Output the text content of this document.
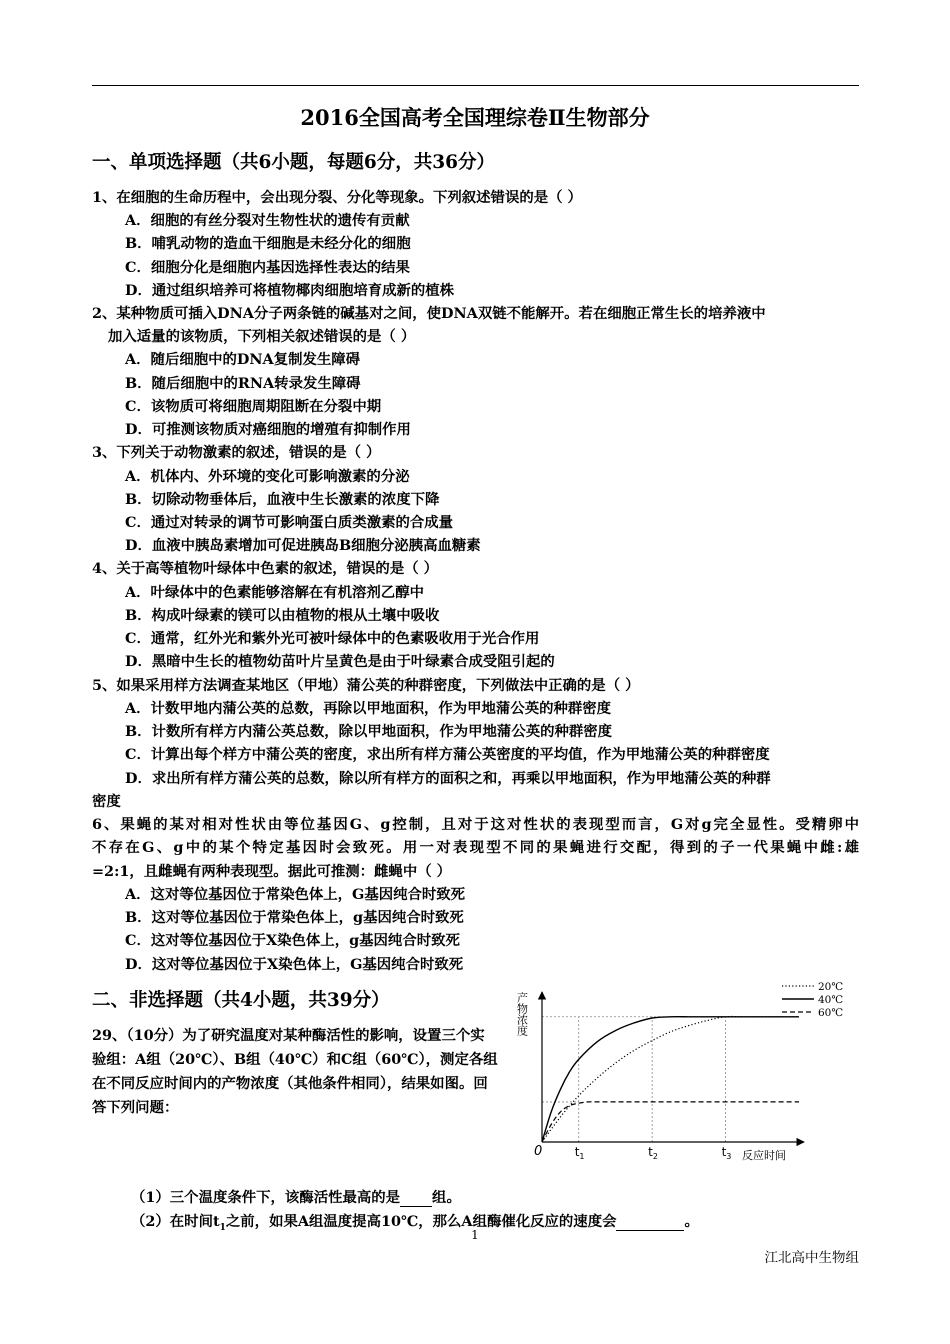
2016全国高考全国理综卷Ⅱ生物部分
一、单项选择题（共6小题，每题6分，共36分）
1、在细胞的生命历程中，会出现分裂、分化等现象。下列叙述错误的是（ ）
A．细胞的有丝分裂对生物性状的遗传有贡献
B．哺乳动物的造血干细胞是未经分化的细胞
C．细胞分化是细胞内基因选择性表达的结果
D．通过组织培养可将植物椰肉细胞培育成新的植株
2、某种物质可插入DNA分子两条链的碱基对之间，使DNA双链不能解开。若在细胞正常生长的培养液中
加入适量的该物质，下列相关叙述错误的是（ ）
A．随后细胞中的DNA复制发生障碍
B．随后细胞中的RNA转录发生障碍
C．该物质可将细胞周期阻断在分裂中期
D．可推测该物质对癌细胞的增殖有抑制作用
3、下列关于动物激素的叙述，错误的是（ ）
A．机体内、外环境的变化可影响激素的分泌
B．切除动物垂体后，血液中生长激素的浓度下降
C．通过对转录的调节可影响蛋白质类激素的合成量
D．血液中胰岛素增加可促进胰岛B细胞分泌胰高血糖素
4、关于高等植物叶绿体中色素的叙述，错误的是（ ）
A．叶绿体中的色素能够溶解在有机溶剂乙醇中
B．构成叶绿素的镁可以由植物的根从土壤中吸收
C．通常，红外光和紫外光可被叶绿体中的色素吸收用于光合作用
D．黑暗中生长的植物幼苗叶片呈黄色是由于叶绿素合成受阻引起的
5、如果采用样方法调查某地区（甲地）蒲公英的种群密度，下列做法中正确的是（ ）
A．计数甲地内蒲公英的总数，再除以甲地面积，作为甲地蒲公英的种群密度
B．计数所有样方内蒲公英总数，除以甲地面积，作为甲地蒲公英的种群密度
C．计算出每个样方中蒲公英的密度，求出所有样方蒲公英密度的平均值，作为甲地蒲公英的种群密度
D．求出所有样方蒲公英的总数，除以所有样方的面积之和，再乘以甲地面积，作为甲地蒲公英的种群
密度
6、果蝇的某对相对性状由等位基因G、g控制，且对于这对性状的表现型而言，G对g完全显性。受精卵中
不存在G、g中的某个特定基因时会致死。用一对表现型不同的果蝇进行交配，得到的子一代果蝇中雌:雄
=2:1，且雌蝇有两种表现型。据此可推测：雌蝇中（ ）
A．这对等位基因位于常染色体上，G基因纯合时致死
B．这对等位基因位于常染色体上，g基因纯合时致死
C．这对等位基因位于X染色体上，g基因纯合时致死
D．这对等位基因位于X染色体上，G基因纯合时致死
二、非选择题（共4小题，共39分）
29、（10分）为了研究温度对某种酶活性的影响，设置三个实验组：A组（20℃）、B组（40℃）和C组（60℃），测定各组在不同反应时间内的产物浓度（其他条件相同），结果如图。回答下列问题：
产物浓度
反应时间
0	$t_1$	$t_2$	$t_3$
20℃
40℃
60℃
（1）三个温度条件下，该酶活性最高的是 组。
（2）在时间$t_1$之前，如果A组温度提高10℃，那么A组酶催化反应的速度会	。
1
江北高中生物组
